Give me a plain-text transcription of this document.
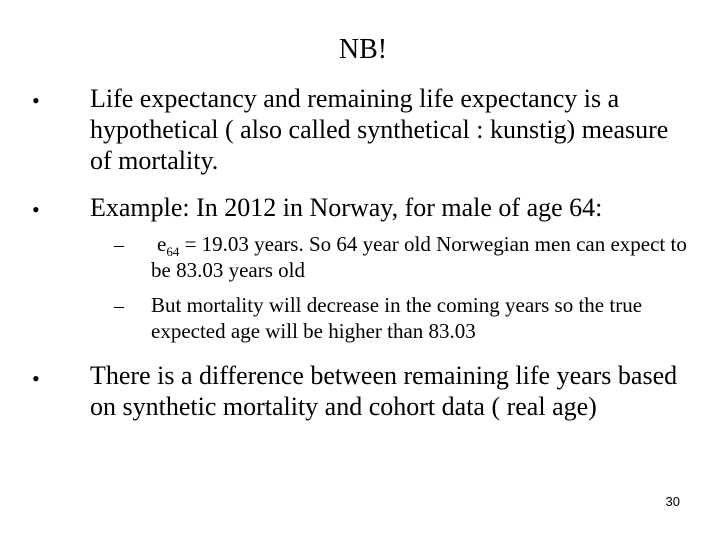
NB!
• Life expectancy and remaining life expectancy is a hypothetical ( also called synthetical : kunstig) measure of mortality.
• Example: In 2012 in Norway, for male of age 64:
– $e_{64} = 19.03$ years. So 64 year old Norwegian men can expect to be 83.03 years old
– But mortality will decrease in the coming years so the true expected age will be higher than 83.03
• There is a difference between remaining life years based on synthetic mortality and cohort data ( real age)
30
